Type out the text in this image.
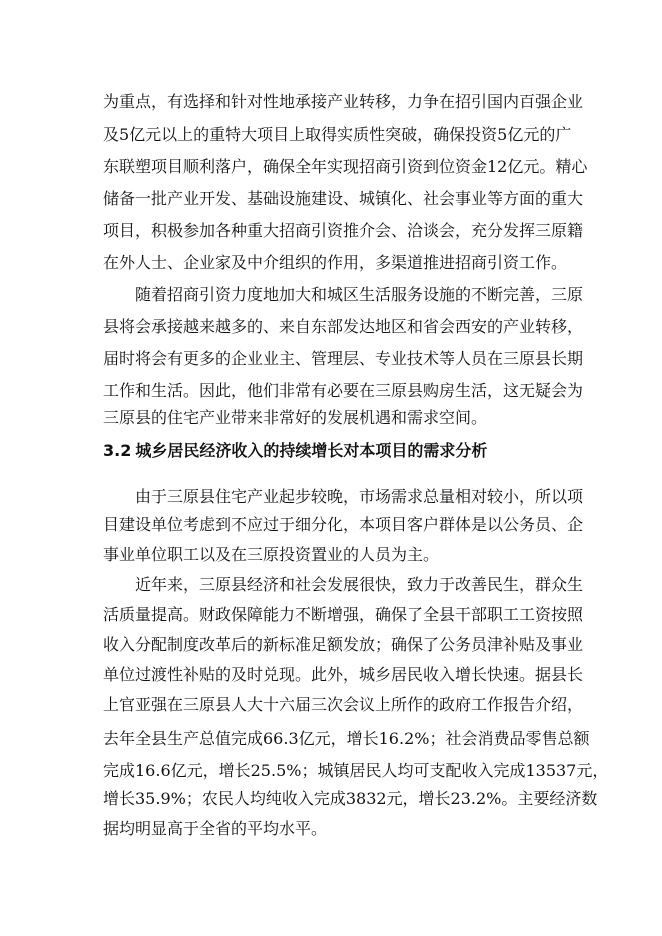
为重点，有选择和针对性地承接产业转移，力争在招引国内百强企业
及5亿元以上的重特大项目上取得实质性突破，确保投资5亿元的广
东联塑项目顺利落户，确保全年实现招商引资到位资金12亿元。精心
储备一批产业开发、基础设施建设、城镇化、社会事业等方面的重大
项目，积极参加各种重大招商引资推介会、洽谈会，充分发挥三原籍
在外人士、企业家及中介组织的作用，多渠道推进招商引资工作。
随着招商引资力度地加大和城区生活服务设施的不断完善，三原
县将会承接越来越多的、来自东部发达地区和省会西安的产业转移，
届时将会有更多的企业业主、管理层、专业技术等人员在三原县长期
工作和生活。因此，他们非常有必要在三原县购房生活，这无疑会为
三原县的住宅产业带来非常好的发展机遇和需求空间。
3.2 城乡居民经济收入的持续增长对本项目的需求分析
由于三原县住宅产业起步较晚，市场需求总量相对较小，所以项
目建设单位考虑到不应过于细分化，本项目客户群体是以公务员、企
事业单位职工以及在三原投资置业的人员为主。
近年来，三原县经济和社会发展很快，致力于改善民生，群众生
活质量提高。财政保障能力不断增强，确保了全县干部职工工资按照
收入分配制度改革后的新标准足额发放；确保了公务员津补贴及事业
单位过渡性补贴的及时兑现。此外，城乡居民收入增长快速。据县长
上官亚强在三原县人大十六届三次会议上所作的政府工作报告介绍，
去年全县生产总值完成66.3亿元，增长16.2%；社会消费品零售总额
完成16.6亿元，增长25.5%；城镇居民人均可支配收入完成13537元，
增长35.9%；农民人均纯收入完成3832元，增长23.2%。主要经济数
据均明显高于全省的平均水平。
